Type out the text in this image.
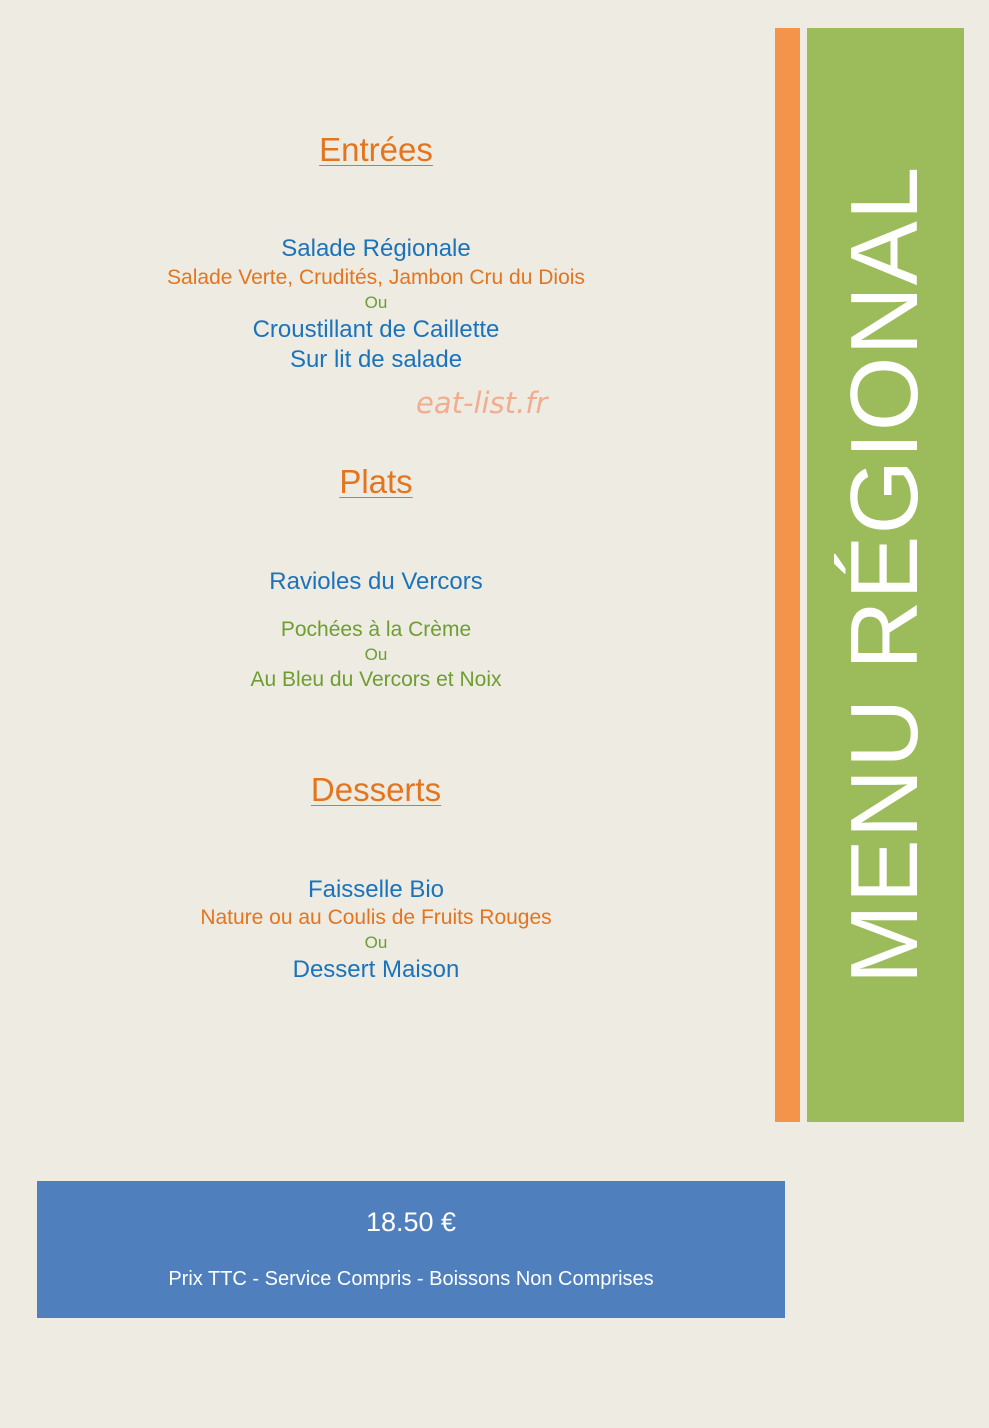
Entrées
Salade Régionale
Salade Verte, Crudités, Jambon Cru du Diois
Ou
Croustillant de Caillette
Sur lit de salade
eat-list.fr
Plats
Ravioles du Vercors
Pochées à la Crème
Ou
Au Bleu du Vercors et Noix
Desserts
Faisselle Bio
Nature ou au Coulis de Fruits Rouges
Ou
Dessert Maison	MENU RÉGIONAL
18.50 €
Prix TTC - Service Compris - Boissons Non Comprises
